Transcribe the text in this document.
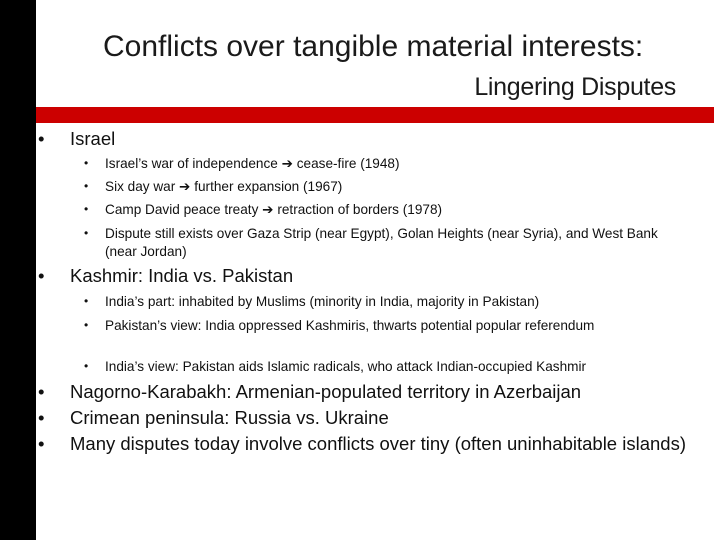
Conflicts over tangible material interests:
Lingering Disputes
• Israel
• Israel’s war of independence ➔ cease-fire (1948)
• Six day war ➔ further expansion (1967)
• Camp David peace treaty ➔ retraction of borders (1978)
• Dispute still exists over Gaza Strip (near Egypt), Golan Heights (near Syria), and West Bank (near Jordan)
• Kashmir: India vs. Pakistan
• India’s part: inhabited by Muslims (minority in India, majority in Pakistan)
• Pakistan’s view: India oppressed Kashmiris, thwarts potential popular referendum
• India’s view: Pakistan aids Islamic radicals, who attack Indian-occupied Kashmir
• Nagorno-Karabakh: Armenian-populated territory in Azerbaijan
• Crimean peninsula: Russia vs. Ukraine
• Many disputes today involve conflicts over tiny (often uninhabitable islands)
